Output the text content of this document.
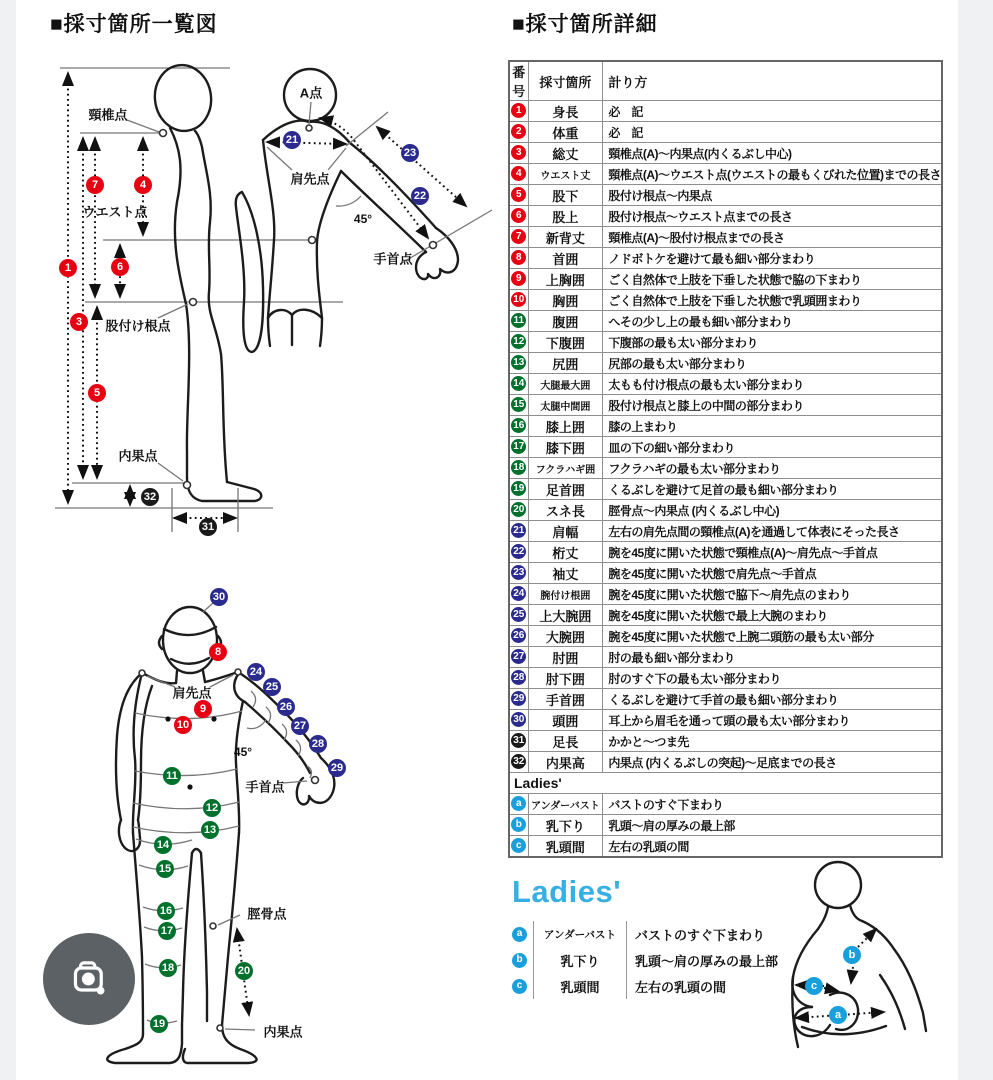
■採寸箇所一覧図	■採寸箇所詳細
頸椎点
ウエスト点
股付け根点
内果点
A点
肩先点
45°
手首点
1
3
7	4
6
5
21
23
22
32
31
肩先点
45°
手首点
脛骨点
内果点
30
8
24
25
26
27
28
29
9
10
11
12
13
14
15
16
17
18
19
20
番号	採寸箇所	計り方
1	身長	必　記
2	体重	必　記
3	総丈	頸椎点(A)〜内果点(内くるぶし中心)
4	ウエスト丈	頸椎点(A)〜ウエスト点(ウエストの最もくびれた位置)までの長さ
5	股下	股付け根点〜内果点
6	股上	股付け根点〜ウエスト点までの長さ
7	新背丈	頸椎点(A)〜股付け根点までの長さ
8	首囲	ノドボトケを避けて最も細い部分まわり
9	上胸囲	ごく自然体で上肢を下垂した状態で脇の下まわり
10	胸囲	ごく自然体で上肢を下垂した状態で乳頭囲まわり
11	腹囲	へその少し上の最も細い部分まわり
12	下腹囲	下腹部の最も太い部分まわり
13	尻囲	尻部の最も太い部分まわり
14	大腿最大囲	太もも付け根点の最も太い部分まわり
15	太腿中間囲	股付け根点と膝上の中間の部分まわり
16	膝上囲	膝の上まわり
17	膝下囲	皿の下の細い部分まわり
18	フクラハギ囲	フクラハギの最も太い部分まわり
19	足首囲	くるぶしを避けて足首の最も細い部分まわり
20	スネ長	脛骨点〜内果点 (内くるぶし中心)
21	肩幅	左右の肩先点間の頸椎点(A)を通過して体表にそった長さ
22	桁丈	腕を45度に開いた状態で頸椎点(A)〜肩先点〜手首点
23	袖丈	腕を45度に開いた状態で肩先点〜手首点
24	腕付け根囲	腕を45度に開いた状態で脇下〜肩先点のまわり
25	上大腕囲	腕を45度に開いた状態で最上大腕のまわり
26	大腕囲	腕を45度に開いた状態で上腕二頭筋の最も太い部分
27	肘囲	肘の最も細い部分まわり
28	肘下囲	肘のすぐ下の最も太い部分まわり
29	手首囲	くるぶしを避けて手首の最も細い部分まわり
30	頭囲	耳上から眉毛を通って頭の最も太い部分まわり
31	足長	かかと〜つま先
32	内果高	内果点 (内くるぶしの突起)〜足底までの長さ
Ladies'		
a	アンダーバスト	バストのすぐ下まわり
b	乳下り	乳頭〜肩の厚みの最上部
c	乳頭間	左右の乳頭の間
Ladies'
a	アンダーバスト	バストのすぐ下まわり
b	乳下り	乳頭〜肩の厚みの最上部
c	乳頭間	左右の乳頭の間
b
c
a
